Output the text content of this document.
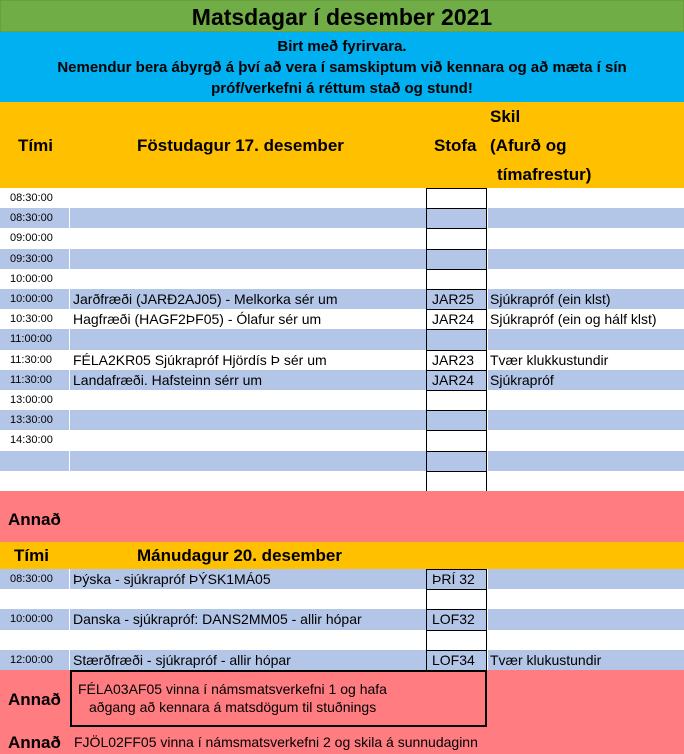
Matsdagar í desember 2021
Birt með fyrirvara.
Nemendur bera ábyrgð á því að vera í samskiptum við kennara og að mæta í sín
próf/verkefni á réttum stað og stund!
Tími	Föstudagur 17. desember	Stofa
Skil
(Afurð og
tímafrestur)
08:30:00
08:30:00
09:00:00
09:30:00
10:00:00
10:00:00	Jarðfræði (JARÐ2AJ05) - Melkorka sér um	JAR25	Sjúkrapróf (ein klst)
10:30:00	Hagfræði (HAGF2ÞF05) - Ólafur sér um	JAR24	Sjúkrapróf (ein og hálf klst)
11:00:00
11:30:00	FÉLA2KR05 Sjúkrapróf Hjördís Þ sér um	JAR23	Tvær klukkustundir
11:30:00	Landafræði. Hafsteinn sérr um	JAR24	Sjúkrapróf
13:00:00
13:30:00
14:30:00
Annað
Tími	Mánudagur 20. desember
08:30:00	Þýska - sjúkrapróf ÞÝSK1MÁ05	ÞRÍ 32
10:00:00	Danska - sjúkrapróf: DANS2MM05 - allir hópar	LOF32
12:00:00	Stærðfræði - sjúkrapróf - allir hópar	LOF34	Tvær klukustundir
Annað
FÉLA03AF05 vinna í námsmatsverkefni 1 og hafa
aðgang að kennara á matsdögum til stuðnings
Annað FJÖL02FF05 vinna í námsmatsverkefni 2 og skila á sunnudaginn
